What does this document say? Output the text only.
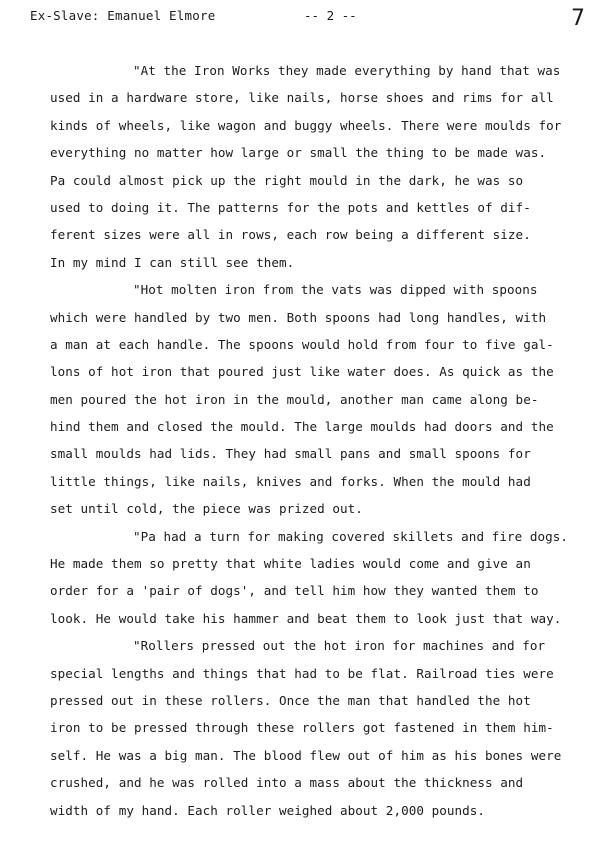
Ex-Slave: Emanuel Elmore	-- 2 --	7
"At the Iron Works they made everything by hand that was
used in a hardware store, like nails, horse shoes and rims for all
kinds of wheels, like wagon and buggy wheels. There were moulds for
everything no matter how large or small the thing to be made was.
Pa could almost pick up the right mould in the dark, he was so
used to doing it. The patterns for the pots and kettles of dif-
ferent sizes were all in rows, each row being a different size.
In my mind I can still see them.
"Hot molten iron from the vats was dipped with spoons
which were handled by two men. Both spoons had long handles, with
a man at each handle. The spoons would hold from four to five gal-
lons of hot iron that poured just like water does. As quick as the
men poured the hot iron in the mould, another man came along be-
hind them and closed the mould. The large moulds had doors and the
small moulds had lids. They had small pans and small spoons for
little things, like nails, knives and forks. When the mould had
set until cold, the piece was prized out.
"Pa had a turn for making covered skillets and fire dogs.
He made them so pretty that white ladies would come and give an
order for a 'pair of dogs', and tell him how they wanted them to
look. He would take his hammer and beat them to look just that way.
"Rollers pressed out the hot iron for machines and for
special lengths and things that had to be flat. Railroad ties were
pressed out in these rollers. Once the man that handled the hot
iron to be pressed through these rollers got fastened in them him-
self. He was a big man. The blood flew out of him as his bones were
crushed, and he was rolled into a mass about the thickness and
width of my hand. Each roller weighed about 2,000 pounds.
